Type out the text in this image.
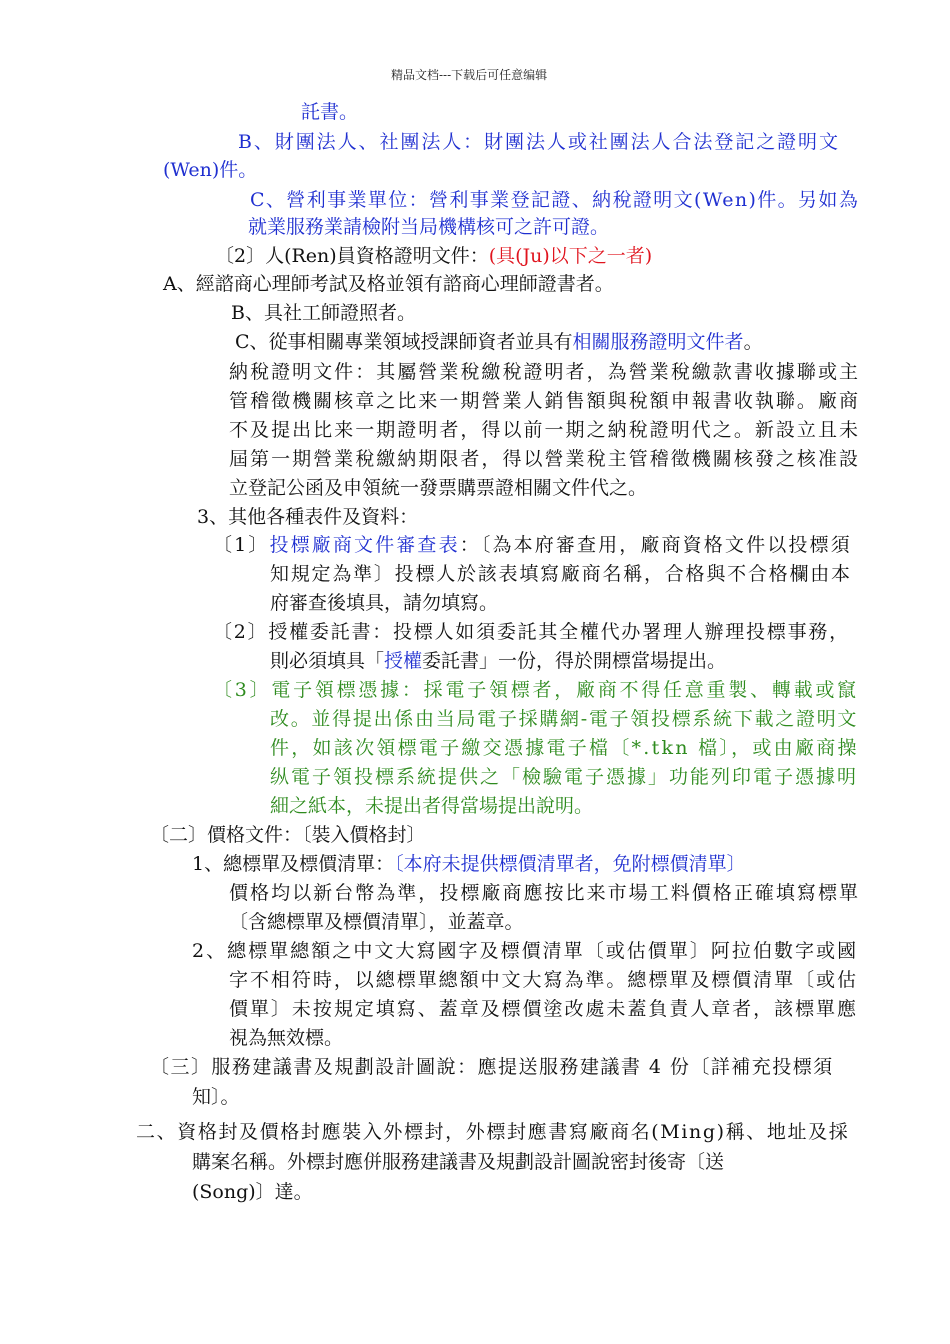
精品文档---下载后可任意编辑
託書。
B、財團法人、社團法人：財團法人或社團法人合法登記之證明文
(Wen)件。
C、營利事業單位：營利事業登記證、納稅證明文(Wen)件。另如為
就業服務業請檢附当局機構核可之許可證。
〔2〕人(Ren)員資格證明文件：(具(Ju)以下之一者)
A、經諮商心理師考試及格並領有諮商心理師證書者。
B、具社工師證照者。
C、從事相關專業領域授課師資者並具有相關服務證明文件者。
納稅證明文件：其屬營業稅繳稅證明者，為營業稅繳款書收據聯或主
管稽徵機關核章之比来一期營業人銷售額與稅額申報書收執聯。廠商
不及提出比来一期證明者，得以前一期之納稅證明代之。新設立且未
屆第一期營業稅繳納期限者，得以營業稅主管稽徵機關核發之核准設
立登記公函及申領統一發票購票證相關文件代之。
3、其他各種表件及資料：
〔1〕投標廠商文件審查表：〔為本府審查用，廠商資格文件以投標須
知規定為準〕投標人於該表填寫廠商名稱，合格與不合格欄由本
府審查後填具，請勿填寫。
〔2〕授權委託書：投標人如須委託其全權代办署理人辦理投標事務，
則必須填具「授權委託書」一份，得於開標當場提出。
〔3〕電子領標憑據：採電子領標者，廠商不得任意重製、轉載或竄
改。並得提出係由当局電子採購網-電子領投標系統下載之證明文
件，如該次領標電子繳交憑據電子檔〔*.tkn 檔〕，或由廠商操
纵電子領投標系統提供之「檢驗電子憑據」功能列印電子憑據明
細之紙本，未提出者得當場提出說明。
〔二〕價格文件：〔裝入價格封〕
1、總標單及標價清單：〔本府未提供標價清單者，免附標價清單〕
價格均以新台幣為準，投標廠商應按比来市場工料價格正確填寫標單
〔含總標單及標價清單〕，並蓋章。
2、總標單總額之中文大寫國字及標價清單〔或估價單〕阿拉伯數字或國
字不相符時，以總標單總額中文大寫為準。總標單及標價清單〔或估
價單〕未按規定填寫、蓋章及標價塗改處未蓋負責人章者，該標單應
視為無效標。
〔三〕服務建議書及規劃設計圖說：應提送服務建議書 4 份〔詳補充投標須
知〕。
二、資格封及價格封應裝入外標封，外標封應書寫廠商名(Ming)稱、地址及採
購案名稱。外標封應併服務建議書及規劃設計圖說密封後寄〔送
(Song)〕達。
